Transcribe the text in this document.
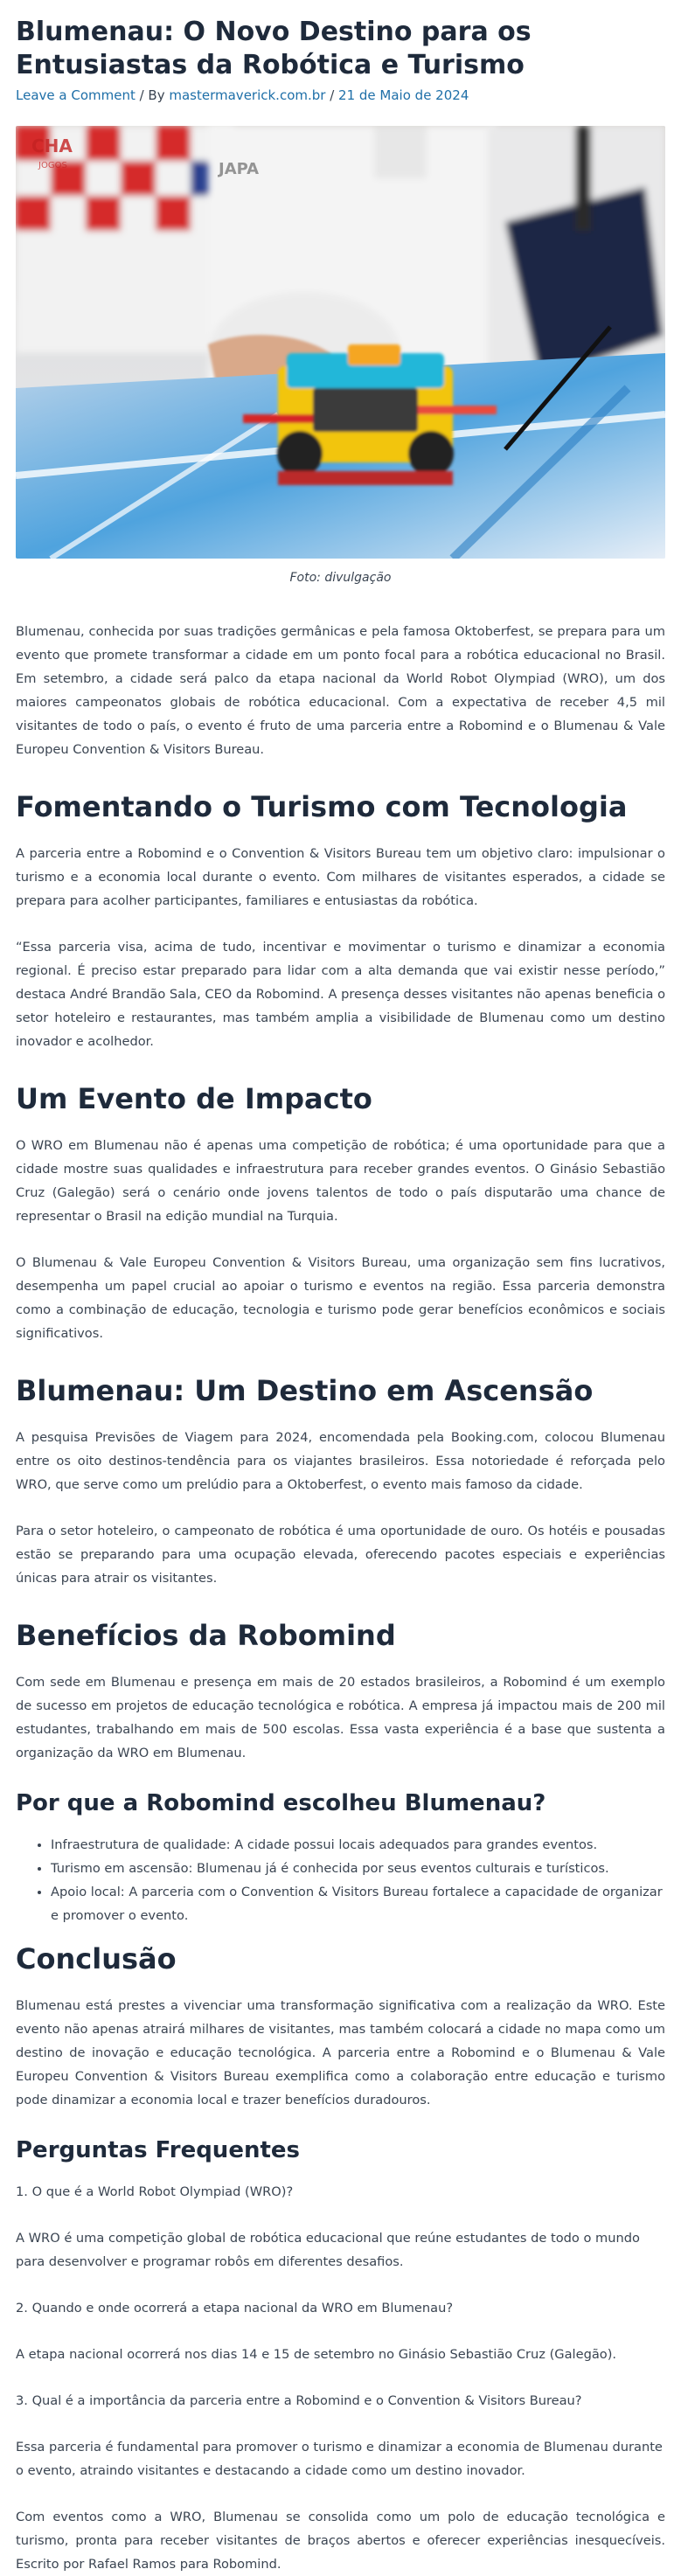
Blumenau: O Novo Destino para os Entusiastas da Robótica e Turismo
Leave a Comment / By mastermaverick.com.br / 21 de Maio de 2024
CHA
JOGOS	JAPA
Foto: divulgação

Blumenau, conhecida por suas tradições germânicas e pela famosa Oktoberfest, se prepara para um evento que promete transformar a cidade em um ponto focal para a robótica educacional no Brasil. Em setembro, a cidade será palco da etapa nacional da World Robot Olympiad (WRO), um dos maiores campeonatos globais de robótica educacional. Com a expectativa de receber 4,5 mil visitantes de todo o país, o evento é fruto de uma parceria entre a Robomind e o Blumenau & Vale Europeu Convention & Visitors Bureau.

Fomentando o Turismo com Tecnologia

A parceria entre a Robomind e o Convention & Visitors Bureau tem um objetivo claro: impulsionar o turismo e a economia local durante o evento. Com milhares de visitantes esperados, a cidade se prepara para acolher participantes, familiares e entusiastas da robótica.

“Essa parceria visa, acima de tudo, incentivar e movimentar o turismo e dinamizar a economia regional. É preciso estar preparado para lidar com a alta demanda que vai existir nesse período,” destaca André Brandão Sala, CEO da Robomind. A presença desses visitantes não apenas beneficia o setor hoteleiro e restaurantes, mas também amplia a visibilidade de Blumenau como um destino inovador e acolhedor.

Um Evento de Impacto

O WRO em Blumenau não é apenas uma competição de robótica; é uma oportunidade para que a cidade mostre suas qualidades e infraestrutura para receber grandes eventos. O Ginásio Sebastião Cruz (Galegão) será o cenário onde jovens talentos de todo o país disputarão uma chance de representar o Brasil na edição mundial na Turquia.

O Blumenau & Vale Europeu Convention & Visitors Bureau, uma organização sem fins lucrativos, desempenha um papel crucial ao apoiar o turismo e eventos na região. Essa parceria demonstra como a combinação de educação, tecnologia e turismo pode gerar benefícios econômicos e sociais significativos.

Blumenau: Um Destino em Ascensão

A pesquisa Previsões de Viagem para 2024, encomendada pela Booking.com, colocou Blumenau entre os oito destinos-tendência para os viajantes brasileiros. Essa notoriedade é reforçada pelo WRO, que serve como um prelúdio para a Oktoberfest, o evento mais famoso da cidade.

Para o setor hoteleiro, o campeonato de robótica é uma oportunidade de ouro. Os hotéis e pousadas estão se preparando para uma ocupação elevada, oferecendo pacotes especiais e experiências únicas para atrair os visitantes.

Benefícios da Robomind

Com sede em Blumenau e presença em mais de 20 estados brasileiros, a Robomind é um exemplo de sucesso em projetos de educação tecnológica e robótica. A empresa já impactou mais de 200 mil estudantes, trabalhando em mais de 500 escolas. Essa vasta experiência é a base que sustenta a organização da WRO em Blumenau.

Por que a Robomind escolheu Blumenau?
• Infraestrutura de qualidade: A cidade possui locais adequados para grandes eventos.
• Turismo em ascensão: Blumenau já é conhecida por seus eventos culturais e turísticos.
• Apoio local: A parceria com o Convention & Visitors Bureau fortalece a capacidade de organizar e promover o evento.
Conclusão

Blumenau está prestes a vivenciar uma transformação significativa com a realização da WRO. Este evento não apenas atrairá milhares de visitantes, mas também colocará a cidade no mapa como um destino de inovação e educação tecnológica. A parceria entre a Robomind e o Blumenau & Vale Europeu Convention & Visitors Bureau exemplifica como a colaboração entre educação e turismo pode dinamizar a economia local e trazer benefícios duradouros.

Perguntas Frequentes

1. O que é a World Robot Olympiad (WRO)?

A WRO é uma competição global de robótica educacional que reúne estudantes de todo o mundo para desenvolver e programar robôs em diferentes desafios.

2. Quando e onde ocorrerá a etapa nacional da WRO em Blumenau?

A etapa nacional ocorrerá nos dias 14 e 15 de setembro no Ginásio Sebastião Cruz (Galegão).

3. Qual é a importância da parceria entre a Robomind e o Convention & Visitors Bureau?

Essa parceria é fundamental para promover o turismo e dinamizar a economia de Blumenau durante o evento, atraindo visitantes e destacando a cidade como um destino inovador.

Com eventos como a WRO, Blumenau se consolida como um polo de educação tecnológica e turismo, pronta para receber visitantes de braços abertos e oferecer experiências inesquecíveis. Escrito por Rafael Ramos para Robomind.
